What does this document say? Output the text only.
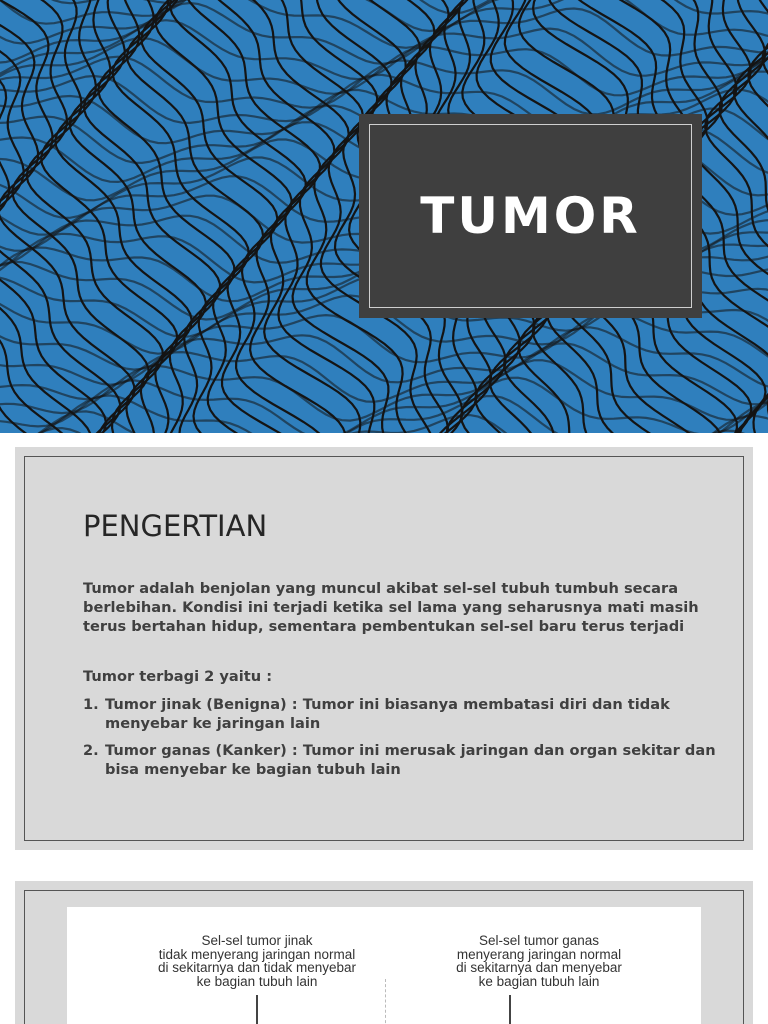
TUMOR
PENGERTIAN

Tumor adalah benjolan yang muncul akibat sel-sel tubuh tumbuh secara berlebihan. Kondisi ini terjadi ketika sel lama yang seharusnya mati masih terus bertahan hidup, sementara pembentukan sel-sel baru terus terjadi

Tumor terbagi 2 yaitu :

1. Tumor jinak (Benigna) : Tumor ini biasanya membatasi diri dan tidak menyebar ke jaringan lain
2. Tumor ganas (Kanker) : Tumor ini merusak jaringan dan organ sekitar dan bisa menyebar ke bagian tubuh lain
Sel-sel tumor jinak
tidak menyerang jaringan normal
di sekitarnya dan tidak menyebar
ke bagian tubuh lain
Sel-sel tumor ganas
menyerang jaringan normal
di sekitarnya dan menyebar
ke bagian tubuh lain
